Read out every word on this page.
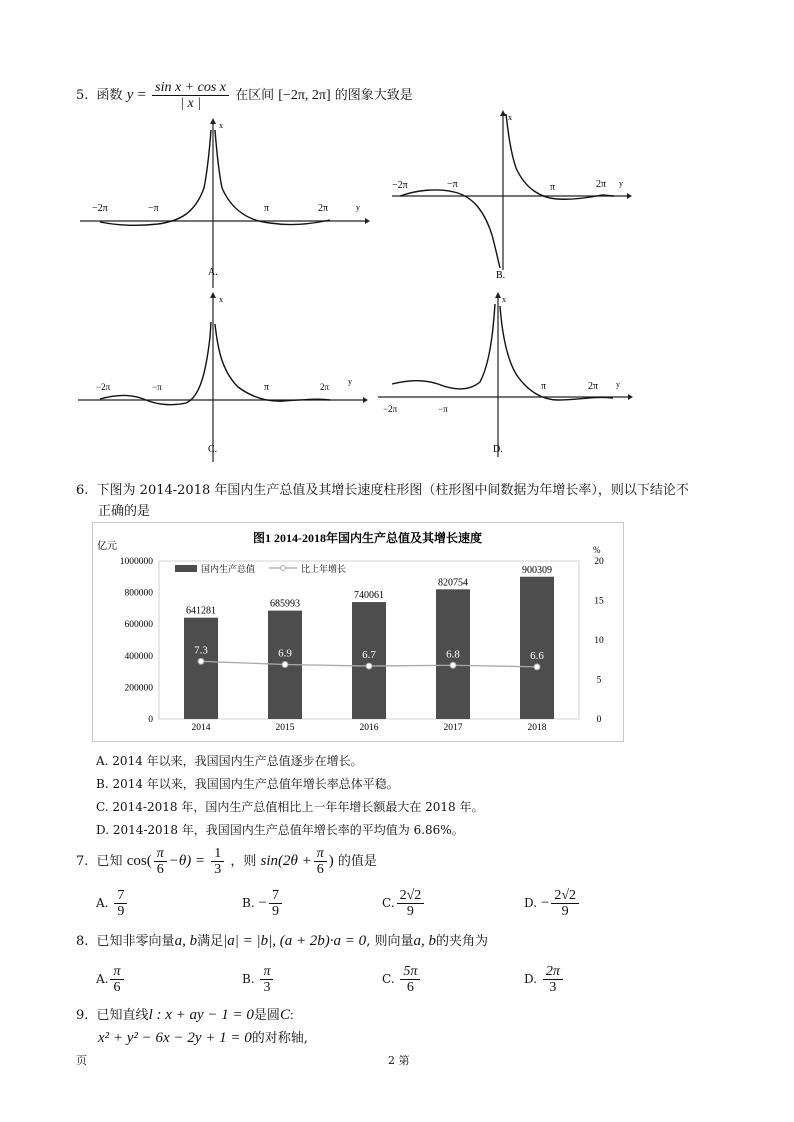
5. 函数 $y = \frac{\text{sin x + cos x}}{| x |}$ 在区间 [−2π, 2π] 的图象大致是
x
y
−2π	−π	π	2π
A.
x
y
−2π	−π	π	2π
B.
x
y
−2π	−π	π	2π
C.
x
y
−2π	−π
π	2π
D.
6. 下图为 2014-2018 年国内生产总值及其增长速度柱形图（柱形图中间数据为年增长率），则以下结论不
正确的是
图1 2014-2018年国内生产总值及其增长速度
亿元	%
0
200000
400000
600000
800000
1000000
0
5
10
15
20
641281
685993
740061
820754
900309
7.3	6.9	6.7	6.8	6.6
2014	2015	2016	2017	2018
国内生产总值	比上年增长
A. 2014 年以来，我国国内生产总值逐步在增长。
B. 2014 年以来，我国国内生产总值年增长率总体平稳。
C. 2014-2018 年，国内生产总值相比上一年年增长额最大在 2018 年。
D. 2014-2018 年，我国国内生产总值年增长率的平均值为 6.86%。
7. 已知 $\cos( \frac{\pi}{6} -\theta) = \frac{1}{3}$ ，则 $\sin(2\theta + \frac{\pi}{6}$ ) 的值是
A. $\frac{7}{9}$	B. − $\frac{7}{9}$	C. $\frac{2√2}{9}$	D. − $\frac{2√2}{9}$
8. 已知非零向量a, b满足|a| = |b|, (a + 2b)·a = 0, 则向量a, b的夹角为
A. $\frac{\pi}{6}$	B. $\frac{\pi}{3}$	C. $\frac{5\pi}{6}$	D. $\frac{2\pi}{3}$
9. 已知直线l : x + ay − 1 = 0是圆C:
x² + y² − 6x − 2y + 1 = 0的对称轴,
页	2 第
